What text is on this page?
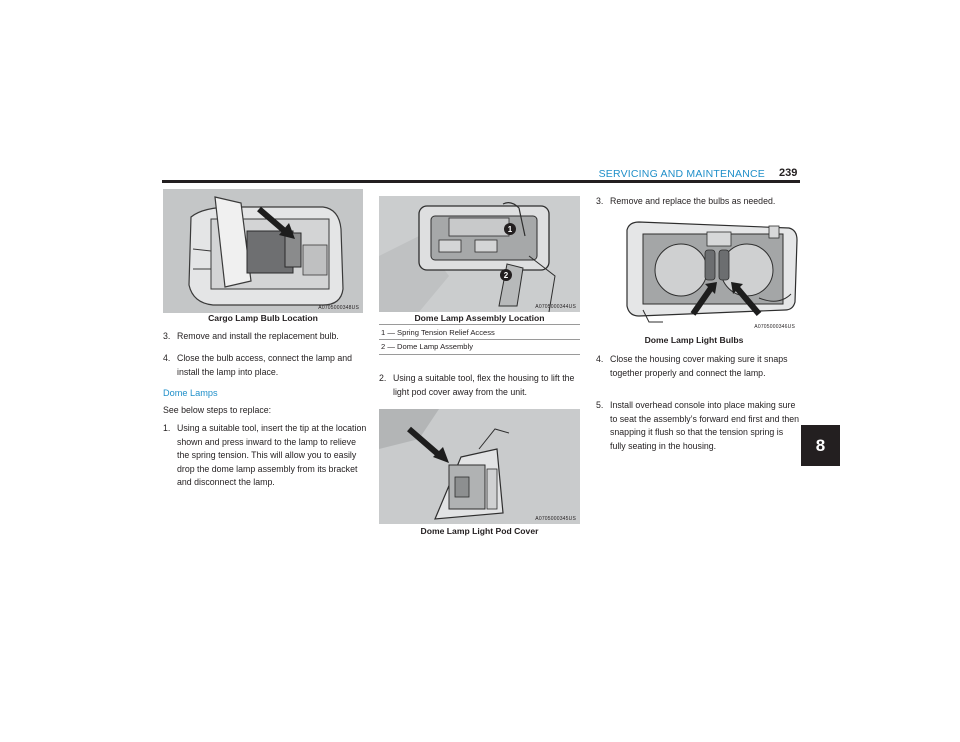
SERVICING AND MAINTENANCE 239
A0705000348US
Cargo Lamp Bulb Location
3. Remove and install the replacement bulb.
4. Close the bulb access, connect the lamp and install the lamp into place.
Dome Lamps
See below steps to replace:
1. Using a suitable tool, insert the tip at the location shown and press inward to the lamp to relieve the spring tension. This will allow you to easily drop the dome lamp assembly from its bracket and disconnect the lamp.
1
2
A0705000344US
Dome Lamp Assembly Location
1 — Spring Tension Relief Access
2 — Dome Lamp Assembly
2. Using a suitable tool, flex the housing to lift the light pod cover away from the unit.
A0705000345US
Dome Lamp Light Pod Cover
3. Remove and replace the bulbs as needed.
A0705000346US
Dome Lamp Light Bulbs
4. Close the housing cover making sure it snaps together properly and connect the lamp.
5. Install overhead console into place making sure to seat the assembly’s forward end first and then snapping it flush so that the tension spring is fully seating in the housing.	8
